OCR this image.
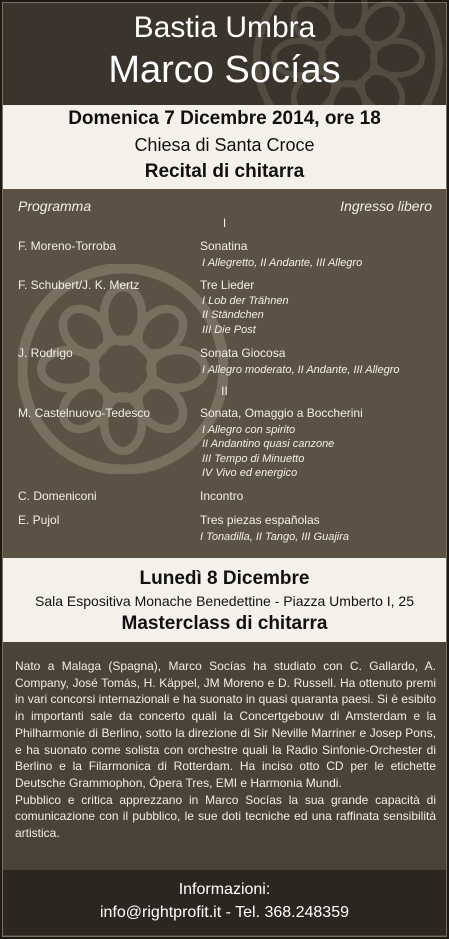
Bastia Umbra
Marco Socías
Domenica 7 Dicembre 2014, ore 18
Chiesa di Santa Croce
Recital di chitarra
Programma	Ingresso libero
I
F. Moreno-Torroba	Sonatina
I Allegretto, II Andante, III Allegro
F. Schubert/J. K. Mertz	Tre Lieder
I Lob der Trähnen
II Ständchen
III Die Post
J. Rodrigo	Sonata Giocosa
I Allegro moderato, II Andante, III Allegro
II
M. Castelnuovo-Tedesco	Sonata, Omaggio a Boccherini
I Allegro con spirito
II Andantino quasi canzone
III Tempo di Minuetto
IV Vivo ed energico
C. Domeniconi	Incontro
E. Pujol	Tres piezas españolas
I Tonadilla, II Tango, III Guajira
Lunedì 8 Dicembre
Sala Espositiva Monache Benedettine - Piazza Umberto I, 25
Masterclass di chitarra

Nato a Malaga (Spagna), Marco Socías ha studiato con C. Gallardo, A. Company, José Tomás, H. Käppel, JM Moreno e D. Russell. Ha ottenuto premi in vari concorsi internazionali e ha suonato in quasi quaranta paesi. Si è esibito in importanti sale da concerto quali la Concertgebouw di Amsterdam e la Philharmonie di Berlino, sotto la direzione di Sir Neville Marriner e Josep Pons, e ha suonato come solista con orchestre quali la Radio Sinfonie-Orchester di Berlino e la Filarmonica di Rotterdam. Ha inciso otto CD per le etichette Deutsche Grammophon, Ópera Tres, EMI e Harmonia Mundi.

Pubblico e critica apprezzano in Marco Socías la sua grande capacità di comunicazione con il pubblico, le sue doti tecniche ed una raffinata sensibilità artistica.

Informazioni:
info@rightprofit.it - Tel. 368.248359
